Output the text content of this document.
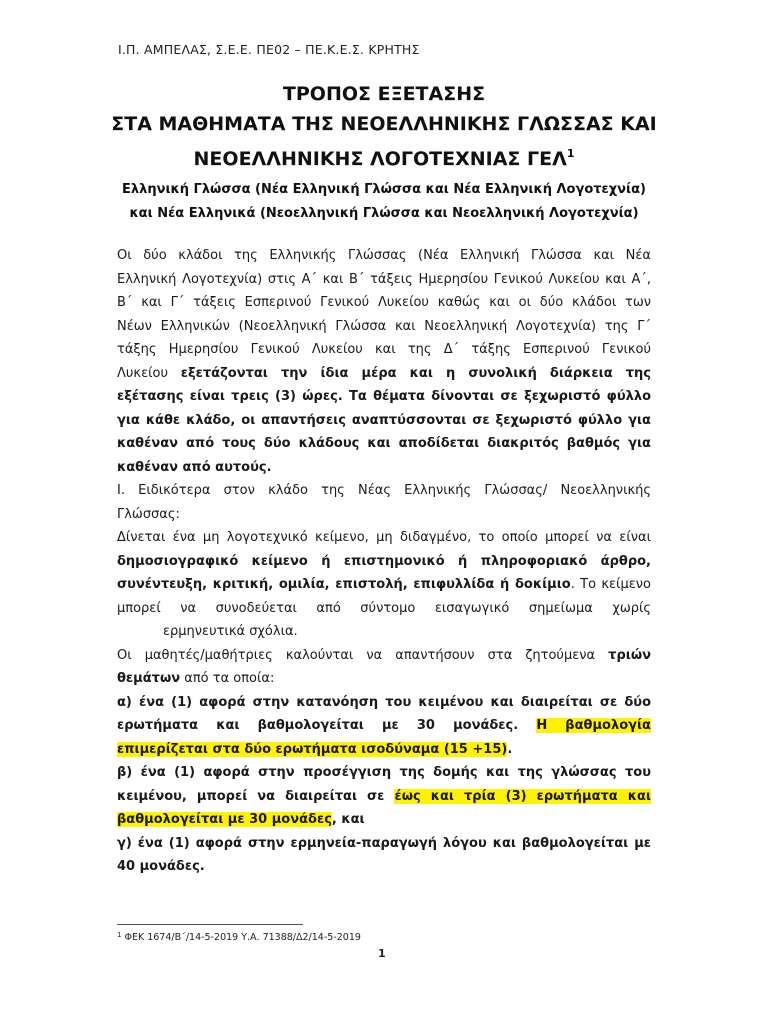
Ι.Π. ΑΜΠΕΛΑΣ, Σ.Ε.Ε. ΠΕ02 – ΠΕ.Κ.Ε.Σ. ΚΡΗΤΗΣ
ΤΡΟΠΟΣ ΕΞΕΤΑΣΗΣ
ΣΤΑ ΜΑΘΗΜΑΤΑ ΤΗΣ ΝΕΟΕΛΛΗΝΙΚΗΣ ΓΛΩΣΣΑΣ ΚΑΙ
ΝΕΟΕΛΛΗΝΙΚΗΣ ΛΟΓΟΤΕΧΝΙΑΣ ΓΕΛ$^1$
Ελληνική Γλώσσα (Νέα Ελληνική Γλώσσα και Νέα Ελληνική Λογοτεχνία)
και Νέα Ελληνικά (Νεοελληνική Γλώσσα και Νεοελληνική Λογοτεχνία)

Οι δύο κλάδοι της Ελληνικής Γλώσσας (Νέα Ελληνική Γλώσσα και Νέα

Ελληνική Λογοτεχνία) στις Α΄ και Β΄ τάξεις Ημερησίου Γενικού Λυκείου και Α΄,

Β΄ και Γ΄ τάξεις Εσπερινού Γενικού Λυκείου καθώς και οι δύο κλάδοι των

Νέων Ελληνικών (Νεοελληνική Γλώσσα και Νεοελληνική Λογοτεχνία) της Γ΄

τάξης Ημερησίου Γενικού Λυκείου και της Δ΄ τάξης Εσπερινού Γενικού

Λυκείου εξετάζονται την ίδια μέρα και η συνολική διάρκεια της

εξέτασης είναι τρεις (3) ώρες. Τα θέματα δίνονται σε ξεχωριστό φύλλο

για κάθε κλάδο, οι απαντήσεις αναπτύσσονται σε ξεχωριστό φύλλο για

καθέναν από τους δύο κλάδους και αποδίδεται διακριτός βαθμός για

καθέναν από αυτούς.

Ι. Ειδικότερα στον κλάδο της Νέας Ελληνικής Γλώσσας/ Νεοελληνικής

Γλώσσας:

Δίνεται ένα μη λογοτεχνικό κείμενο, μη διδαγμένο, το οποίο μπορεί να είναι

δημοσιογραφικό κείμενο ή επιστημονικό ή πληροφοριακό άρθρο,

συνέντευξη, κριτική, ομιλία, επιστολή, επιφυλλίδα ή δοκίμιο. Το κείμενο

μπορεί να συνοδεύεται από σύντομο εισαγωγικό σημείωμα χωρίς

ερμηνευτικά σχόλια.

Οι μαθητές/μαθήτριες καλούνται να απαντήσουν στα ζητούμενα τριών

θεμάτων από τα οποία:

α) ένα (1) αφορά στην κατανόηση του κειμένου και διαιρείται σε δύο

ερωτήματα και βαθμολογείται με 30 μονάδες. Η βαθμολογία

επιμερίζεται στα δύο ερωτήματα ισοδύναμα (15 +15).

β) ένα (1) αφορά στην προσέγγιση της δομής και της γλώσσας του

κειμένου, μπορεί να διαιρείται σε έως και τρία (3) ερωτήματα και

βαθμολογείται με 30 μονάδες, και

γ) ένα (1) αφορά στην ερμηνεία-παραγωγή λόγου και βαθμολογείται με

40 μονάδες.

$^1$ ΦΕΚ 1674/Β΄/14-5-2019 Υ.Α. 71388/Δ2/14-5-2019
1
